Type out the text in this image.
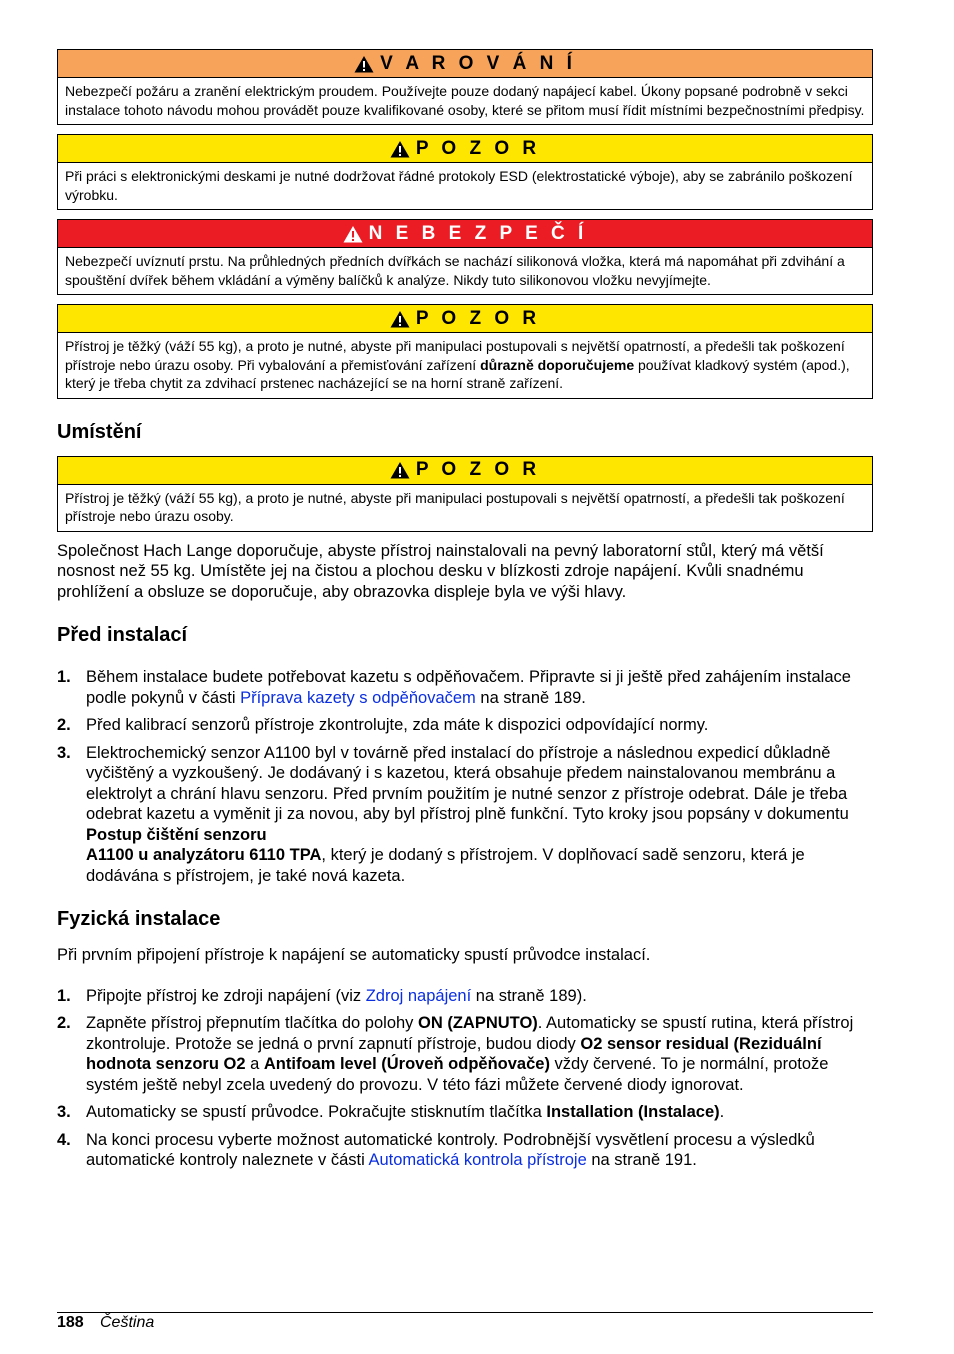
V A R O V Á N Í
Nebezpečí požáru a zranění elektrickým proudem. Používejte pouze dodaný napájecí kabel. Úkony popsané podrobně v sekci instalace tohoto návodu mohou provádět pouze kvalifikované osoby, které se přitom musí řídit místními bezpečnostními předpisy.
P O Z O R
Při práci s elektronickými deskami je nutné dodržovat řádné protokoly ESD (elektrostatické výboje), aby se zabránilo poškození výrobku.
N E B E Z P E Č Í
Nebezpečí uvíznutí prstu. Na průhledných předních dvířkách se nachází silikonová vložka, která má napomáhat při zdvihání a spouštění dvířek během vkládání a výměny balíčků k analýze. Nikdy tuto silikonovou vložku nevyjímejte.
P O Z O R
Přístroj je těžký (váží 55 kg), a proto je nutné, abyste při manipulaci postupovali s největší opatrností, a předešli tak poškození přístroje nebo úrazu osoby. Při vybalování a přemisťování zařízení důrazně doporučujeme používat kladkový systém (apod.), který je třeba chytit za zdvihací prstenec nacházející se na horní straně zařízení.
Umístění
P O Z O R
Přístroj je těžký (váží 55 kg), a proto je nutné, abyste při manipulaci postupovali s největší opatrností, a předešli tak poškození přístroje nebo úrazu osoby.

Společnost Hach Lange doporučuje, abyste přístroj nainstalovali na pevný laboratorní stůl, který má větší nosnost než 55 kg. Umístěte jej na čistou a plochou desku v blízkosti zdroje napájení. Kvůli snadnému prohlížení a obsluze se doporučuje, aby obrazovka displeje byla ve výši hlavy.

Před instalací
1. Během instalace budete potřebovat kazetu s odpěňovačem. Připravte si ji ještě před zahájením instalace podle pokynů v části Příprava kazety s odpěňovačem na straně 189.
2. Před kalibrací senzorů přístroje zkontrolujte, zda máte k dispozici odpovídající normy.
3. Elektrochemický senzor A1100 byl v továrně před instalací do přístroje a následnou expedicí důkladně vyčištěný a vyzkoušený. Je dodávaný i s kazetou, která obsahuje předem nainstalovanou membránu a elektrolyt a chrání hlavu senzoru. Před prvním použitím je nutné senzor z přístroje odebrat. Dále je třeba odebrat kazetu a vyměnit ji za novou, aby byl přístroj plně funkční. Tyto kroky jsou popsány v dokumentu Postup čištění senzoru
A1100 u analyzátoru 6110 TPA, který je dodaný s přístrojem. V doplňovací sadě senzoru, která je dodávána s přístrojem, je také nová kazeta.
Fyzická instalace

Při prvním připojení přístroje k napájení se automaticky spustí průvodce instalací.

1. Připojte přístroj ke zdroji napájení (viz Zdroj napájení na straně 189).
2. Zapněte přístroj přepnutím tlačítka do polohy ON (ZAPNUTO). Automaticky se spustí rutina, která přístroj zkontroluje. Protože se jedná o první zapnutí přístroje, budou diody O2 sensor residual (Reziduální hodnota senzoru O2 a Antifoam level (Úroveň odpěňovače) vždy červené. To je normální, protože systém ještě nebyl zcela uvedený do provozu. V této fázi můžete červené diody ignorovat.
3. Automaticky se spustí průvodce. Pokračujte stisknutím tlačítka Installation (Instalace).
4. Na konci procesu vyberte možnost automatické kontroly. Podrobnější vysvětlení procesu a výsledků automatické kontroly naleznete v části Automatická kontrola přístroje na straně 191.
188 Čeština
